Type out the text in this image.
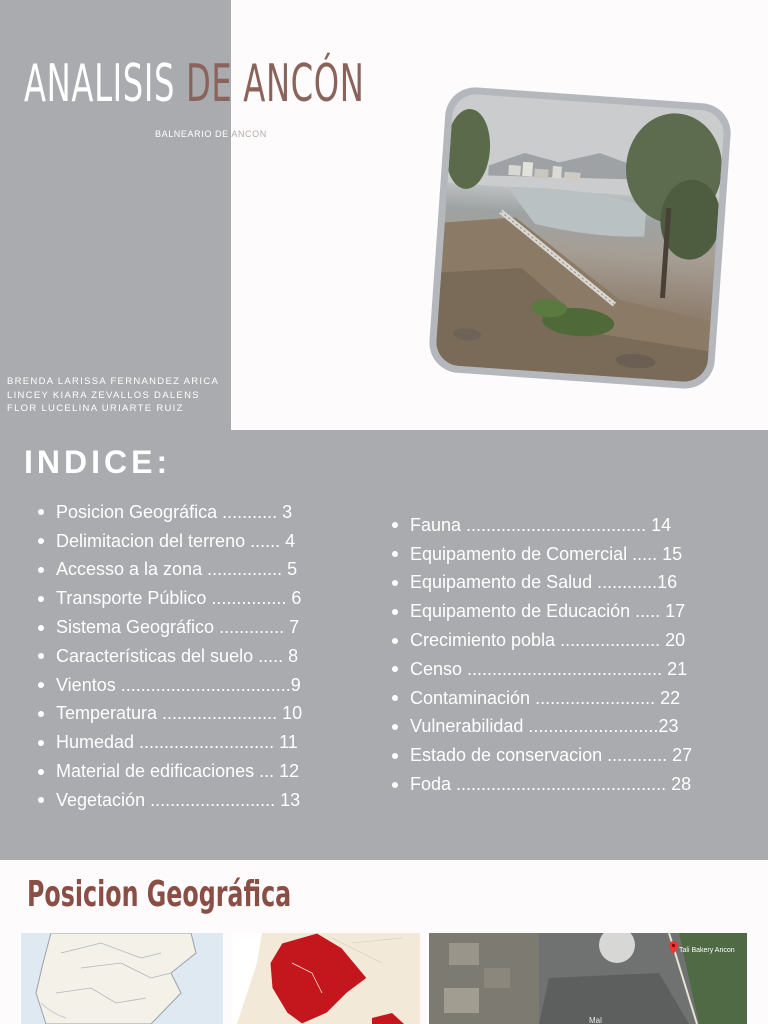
ANALISIS DE ANCÓN
BALNEARIO DE ANCON
BRENDA LARISSA FERNANDEZ ARICA
LINCEY KIARA ZEVALLOS DALENS
FLOR LUCELINA URIARTE RUIZ
INDICE:
Posicion Geográfica ........... 3
Delimitacion del terreno ...... 4
Accesso a la zona ............... 5
Transporte Público ............... 6
Sistema Geográfico ............. 7
Características del suelo ..... 8
Vientos ..................................9
Temperatura ....................... 10
Humedad ........................... 11
Material de edificaciones ... 12
Vegetación ......................... 13
Fauna .................................... 14
Equipamento de Comercial ..... 15
Equipamento de Salud ............16
Equipamento de Educación ..... 17
Crecimiento pobla .................... 20
Censo ....................................... 21
Contaminación ........................ 22
Vulnerabilidad ..........................23
Estado de conservacion ............ 27
Foda .......................................... 28
Posicion Geográfica
Mal
Tali Bakery Ancon
